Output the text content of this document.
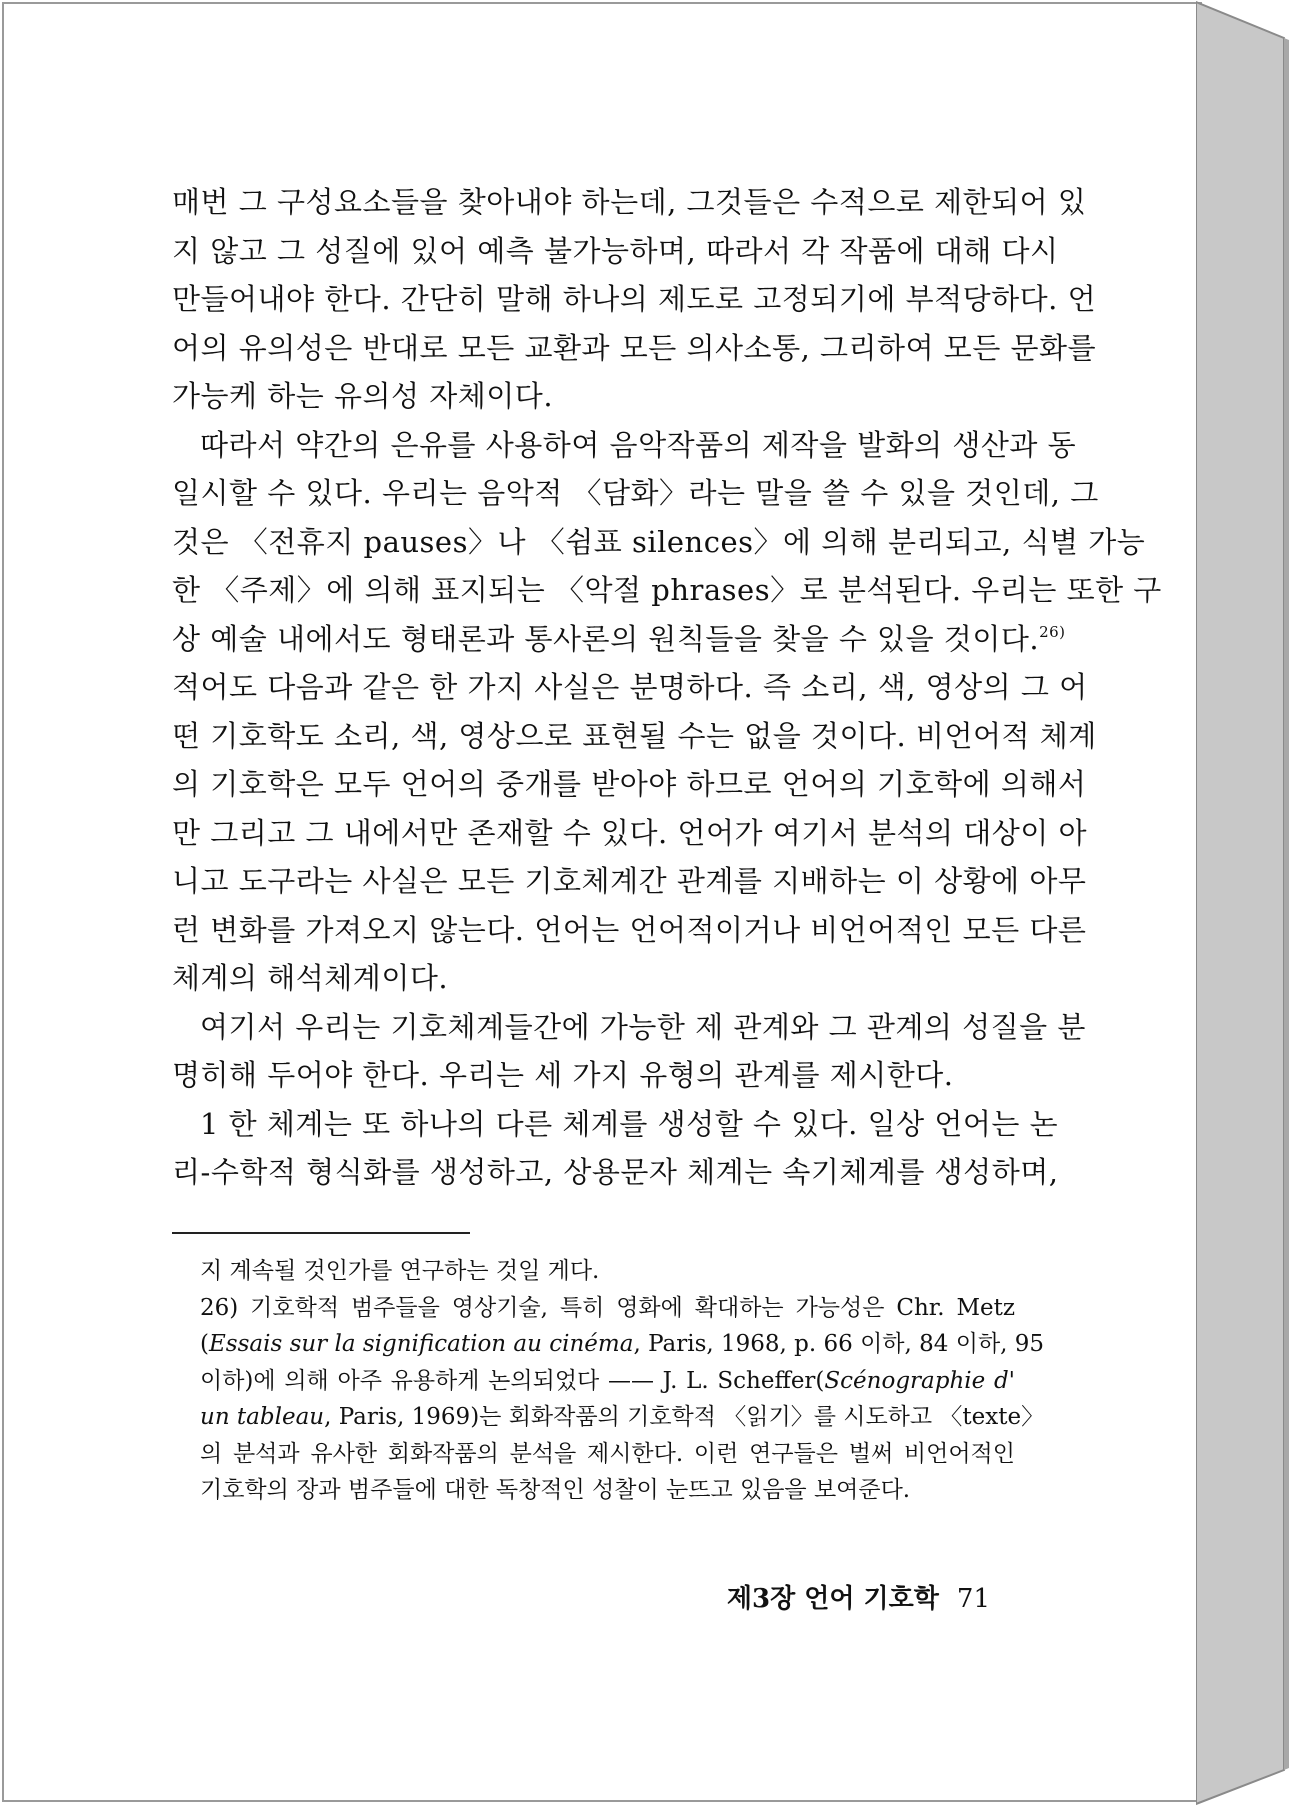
매번 그 구성요소들을 찾아내야 하는데, 그것들은 수적으로 제한되어 있
지 않고 그 성질에 있어 예측 불가능하며, 따라서 각 작품에 대해 다시
만들어내야 한다. 간단히 말해 하나의 제도로 고정되기에 부적당하다. 언
어의 유의성은 반대로 모든 교환과 모든 의사소통, 그리하여 모든 문화를
가능케 하는 유의성 자체이다.
따라서 약간의 은유를 사용하여 음악작품의 제작을 발화의 생산과 동
일시할 수 있다. 우리는 음악적 〈담화〉라는 말을 쓸 수 있을 것인데, 그
것은 〈전휴지 pauses〉나 〈쉼표 silences〉에 의해 분리되고, 식별 가능
한 〈주제〉에 의해 표지되는 〈악절 phrases〉로 분석된다. 우리는 또한 구
상 예술 내에서도 형태론과 통사론의 원칙들을 찾을 수 있을 것이다.$^{26)}$
적어도 다음과 같은 한 가지 사실은 분명하다. 즉 소리, 색, 영상의 그 어
떤 기호학도 소리, 색, 영상으로 표현될 수는 없을 것이다. 비언어적 체계
의 기호학은 모두 언어의 중개를 받아야 하므로 언어의 기호학에 의해서
만 그리고 그 내에서만 존재할 수 있다. 언어가 여기서 분석의 대상이 아
니고 도구라는 사실은 모든 기호체계간 관계를 지배하는 이 상황에 아무
런 변화를 가져오지 않는다. 언어는 언어적이거나 비언어적인 모든 다른
체계의 해석체계이다.
여기서 우리는 기호체계들간에 가능한 제 관계와 그 관계의 성질을 분
명히해 두어야 한다. 우리는 세 가지 유형의 관계를 제시한다.
1 한 체계는 또 하나의 다른 체계를 생성할 수 있다. 일상 언어는 논
리-수학적 형식화를 생성하고, 상용문자 체계는 속기체계를 생성하며,
지 계속될 것인가를 연구하는 것일 게다.
26) 기호학적 범주들을 영상기술, 특히 영화에 확대하는 가능성은 Chr. Metz
(Essais sur la signification au cinéma, Paris, 1968, p. 66 이하, 84 이하, 95
이하)에 의해 아주 유용하게 논의되었다 —— J. L. Scheffer(Scénographie d'
un tableau, Paris, 1969)는 회화작품의 기호학적 〈읽기〉를 시도하고 〈texte〉
의 분석과 유사한 회화작품의 분석을 제시한다. 이런 연구들은 벌써 비언어적인
기호학의 장과 범주들에 대한 독창적인 성찰이 눈뜨고 있음을 보여준다.
제3장 언어 기호학 71
